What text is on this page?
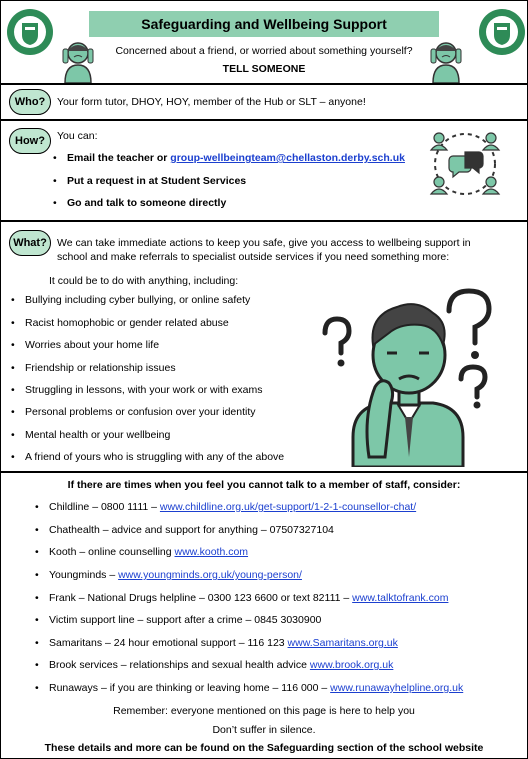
Safeguarding and Wellbeing Support
Concerned about a friend, or worried about something yourself?
TELL SOMEONE
Who?	Your form tutor, DHOY, HOY, member of the Hub or SLT – anyone!
How?	You can:
• Email the teacher or group-wellbeingteam@chellaston.derby.sch.uk
• Put a request in at Student Services
• Go and talk to someone directly
What? We can take immediate actions to keep you safe, give you access to wellbeing support in
school and make referrals to specialist outside services if you need something more:
It could be to do with anything, including:
• Bullying including cyber bullying, or online safety
• Racist homophobic or gender related abuse
• Worries about your home life
• Friendship or relationship issues
• Struggling in lessons, with your work or with exams
• Personal problems or confusion over your identity
• Mental health or your wellbeing
• A friend of yours who is struggling with any of the above
If there are times when you feel you cannot talk to a member of staff, consider:
• Childline – 0800 1111 – www.childline.org.uk/get-support/1-2-1-counsellor-chat/
• Chathealth – advice and support for anything – 07507327104
• Kooth – online counselling www.kooth.com
• Youngminds – www.youngminds.org.uk/young-person/
• Frank – National Drugs helpline – 0300 123 6600 or text 82111 – www.talktofrank.com
• Victim support line – support after a crime – 0845 3030900
• Samaritans – 24 hour emotional support – 116 123 www.Samaritans.org.uk
• Brook services – relationships and sexual health advice www.brook.org.uk
• Runaways – if you are thinking or leaving home – 116 000 – www.runawayhelpline.org.uk
Remember: everyone mentioned on this page is here to help you
Don’t suffer in silence.
These details and more can be found on the Safeguarding section of the school website
